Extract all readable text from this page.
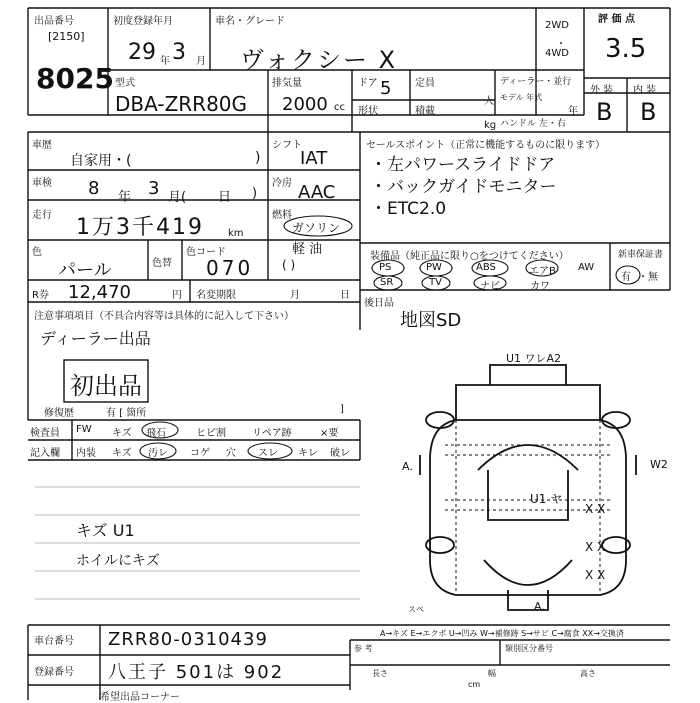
出品番号
[2150]
8025
初度登録年月
29 年 3 月
車名・グレード
ヴォクシー X
2WD
・
4WD
評 価 点
3.5
外 装 内 装
B B
型式
DBA-ZRR80G
排気量
2000 cc
ドア 5
形状
定員
積載
人
kg
ディーラー・並行
モデル 年式
年
ハンドル 左・右
車歴
自家用・(	)
シフト
IAT
車検 8 年 3 月( 日 )
冷房 AAC
走行 1万3千419 km
燃料
ガソリン
軽 油
( )
色
パール	色替
色コード
070
R券 12,470	円 名変期限	月	日
セールスポイント（正常に機能するものに限ります）
・左パワースライドドア
・バックガイドモニター
・ETC2.0
装備品（純正品に限り○をつけてください）	新車保証書
PS	PW	ABS	エアB AW
SR	TV	ナビ	カワ
有 ・無
後日品
地図SD
注意事項項目（不具合内容等は具体的に記入して下さい）
ディーラー出品
初出品
修復歴	有 [ 箇所	]
検査員
記入欄
FW キズ 飛石	ヒビ割	リペア跡	×要
内装 キズ 汚レ コゲ 穴 スレ キレ 破レ
キズ U1
ホイルにキズ
U1 ワレA2
A.	W2
U1 ヤ
X X
X X
X X
A.
スペ
車台番号 ZRR80-0310439
登録番号 八王子 501は 902
A→キズ E→エクボ U→凹み W→補修跡 S→サビ C→腐食 XX→交換済
参 考	類別区分番号
長さ	幅	高さ
cm
希望出品コーナー
